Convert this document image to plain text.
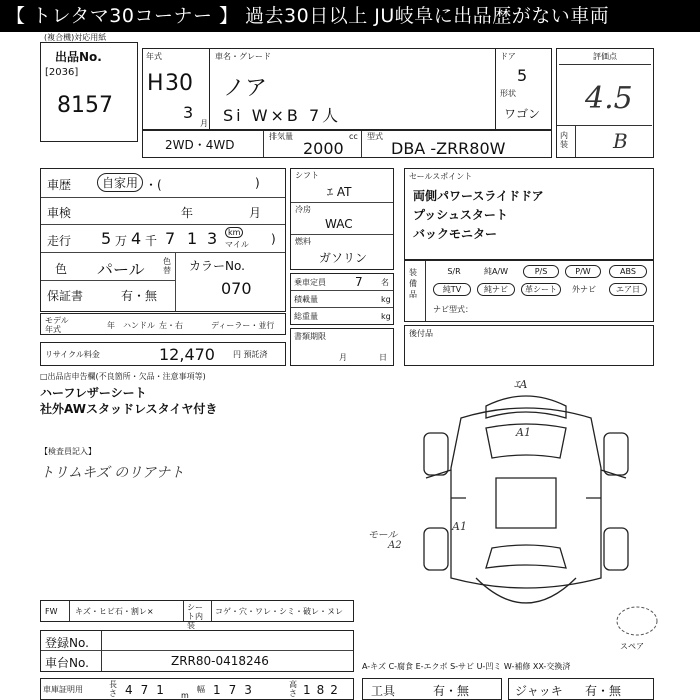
【 トレタマ30コーナー 】 過去30日以上 JU岐阜に出品歴がない車両
(複合機)対応用紙
出品No.
[2036]
8157
年式
H 30
3
月
車名・グレード
ノア
Si W×B 7人
ドア
5
形状
ワゴン
評価点
4.5
内装 B
2WD・4WD
排気量	cc
2000
型式
DBA -ZRR80W
車歴	自家用 ・(	)
車検	年	月
走行 5 万 4 千 7 1 3	km
マイル )
色 パール 色替 カラーNo.
070
保証書	有・無
モデル年式	年 ハンドル 左・右	ディーラー・並行
リサイクル料金	12,470 円 預託済
シフト
ｴ AT
冷房
WAC
燃料
ガソリン
乗車定員 7 名
積載量	kg
総重量	kg
書類期限
月	日
セールスポイント
両側パワースライドドア
プッシュスタート
バックモニター
装備品
S/R	純A/W	P/S	P/W	ABS
純TV	純ナビ	革シート	外ナビ	エア日
ナビ型式：
後付品
□出品店申告欄(不良箇所・欠品・注意事項等)
ハーフレザーシート
社外AWスタッドレスタイヤ付き
【検査員記入】
トリムキズ のリアナト
ｴA
A1
モール
A2
A1
スペア
FW キズ・ヒビ石・割レ×	シート内装
コゲ・穴・ワレ・シミ・破レ・ヌレ
登録No.
車台No.	ZRR80-0418246	A-キズ C-腐食 E-エクボ S-サビ U-凹ミ W-補修 XX-交換済
車庫証明用
長さ 471 m
幅 173	高さ 182 工具	有・無	ジャッキ 有・無
